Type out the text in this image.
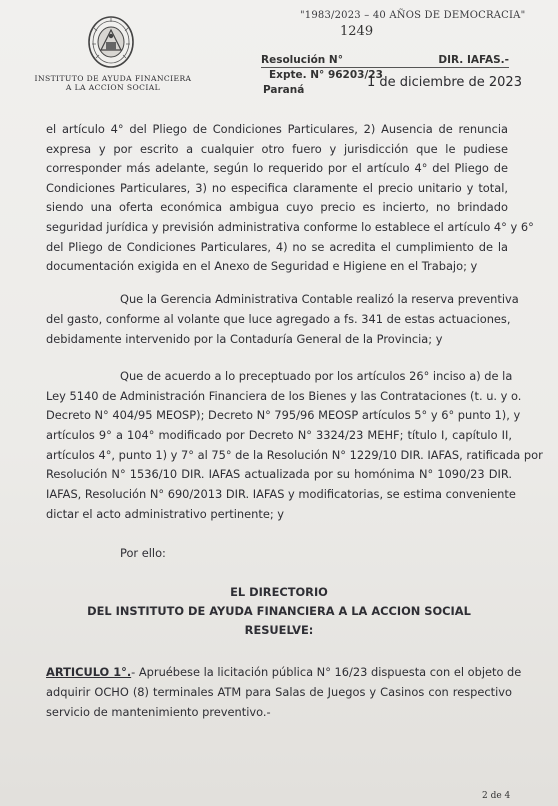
INSTITUTO DE AYUDA FINANCIERA
A LA ACCION SOCIAL
"1983/2023 – 40 AÑOS DE DEMOCRACIA"
1249
Resolución N°	DIR. IAFAS.-
Expte. N° 96203/23
Paraná	1 de diciembre de 2023
el artículo 4° del Pliego de Condiciones Particulares, 2) Ausencia de renuncia
expresa y por escrito a cualquier otro fuero y jurisdicción que le pudiese
corresponder más adelante, según lo requerido por el artículo 4° del Pliego de
Condiciones Particulares, 3) no especifica claramente el precio unitario y total,
siendo una oferta económica ambigua cuyo precio es incierto, no brindado
seguridad jurídica y previsión administrativa conforme lo establece el artículo 4° y 6°
del Pliego de Condiciones Particulares, 4) no se acredita el cumplimiento de la
documentación exigida en el Anexo de Seguridad e Higiene en el Trabajo; y
Que la Gerencia Administrativa Contable realizó la reserva preventiva
del gasto, conforme al volante que luce agregado a fs. 341 de estas actuaciones,
debidamente intervenido por la Contaduría General de la Provincia; y
Que de acuerdo a lo preceptuado por los artículos 26° inciso a) de la
Ley 5140 de Administración Financiera de los Bienes y las Contrataciones (t. u. y o.
Decreto N° 404/95 MEOSP); Decreto N° 795/96 MEOSP artículos 5° y 6° punto 1), y
artículos 9° a 104° modificado por Decreto N° 3324/23 MEHF; título I, capítulo II,
artículos 4°, punto 1) y 7° al 75° de la Resolución N° 1229/10 DIR. IAFAS, ratificada por
Resolución N° 1536/10 DIR. IAFAS actualizada por su homónima N° 1090/23 DIR.
IAFAS, Resolución N° 690/2013 DIR. IAFAS y modificatorias, se estima conveniente
dictar el acto administrativo pertinente; y
Por ello:
EL DIRECTORIO
DEL INSTITUTO DE AYUDA FINANCIERA A LA ACCION SOCIAL
RESUELVE:
ARTICULO 1°.- Apruébese la licitación pública N° 16/23 dispuesta con el objeto de
adquirir OCHO (8) terminales ATM para Salas de Juegos y Casinos con respectivo
servicio de mantenimiento preventivo.-
2 de 4
